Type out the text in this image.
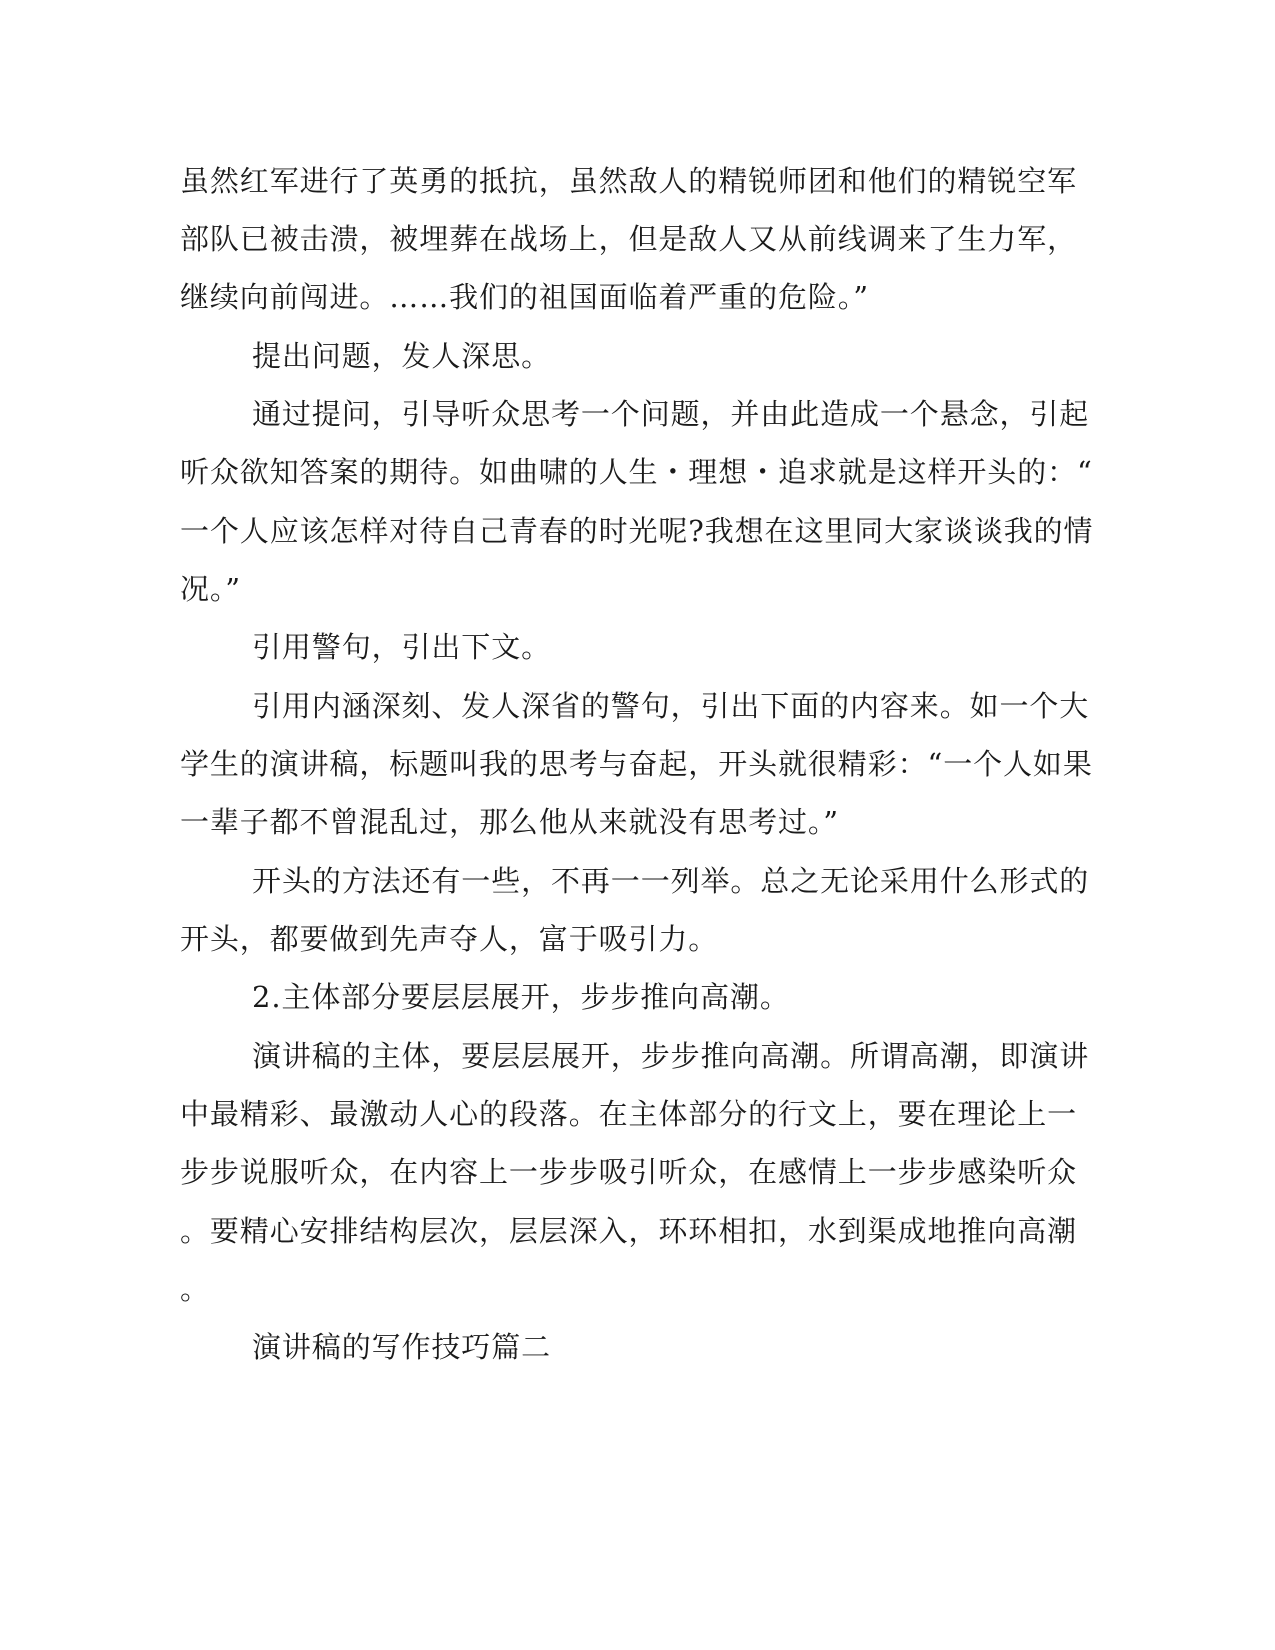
虽然红军进行了英勇的抵抗，虽然敌人的精锐师团和他们的精锐空军
部队已被击溃，被埋葬在战场上，但是敌人又从前线调来了生力军，
继续向前闯进。……我们的祖国面临着严重的危险。”
提出问题，发人深思。
通过提问，引导听众思考一个问题，并由此造成一个悬念，引起
听众欲知答案的期待。如曲啸的人生・理想・追求就是这样开头的：“
一个人应该怎样对待自己青春的时光呢?我想在这里同大家谈谈我的情
况。”
引用警句，引出下文。
引用内涵深刻、发人深省的警句，引出下面的内容来。如一个大
学生的演讲稿，标题叫我的思考与奋起，开头就很精彩：“一个人如果
一辈子都不曾混乱过，那么他从来就没有思考过。”
开头的方法还有一些，不再一一列举。总之无论采用什么形式的
开头，都要做到先声夺人，富于吸引力。
2.主体部分要层层展开，步步推向高潮。
演讲稿的主体，要层层展开，步步推向高潮。所谓高潮，即演讲
中最精彩、最激动人心的段落。在主体部分的行文上，要在理论上一
步步说服听众，在内容上一步步吸引听众，在感情上一步步感染听众
。要精心安排结构层次，层层深入，环环相扣，水到渠成地推向高潮
。
演讲稿的写作技巧篇二
